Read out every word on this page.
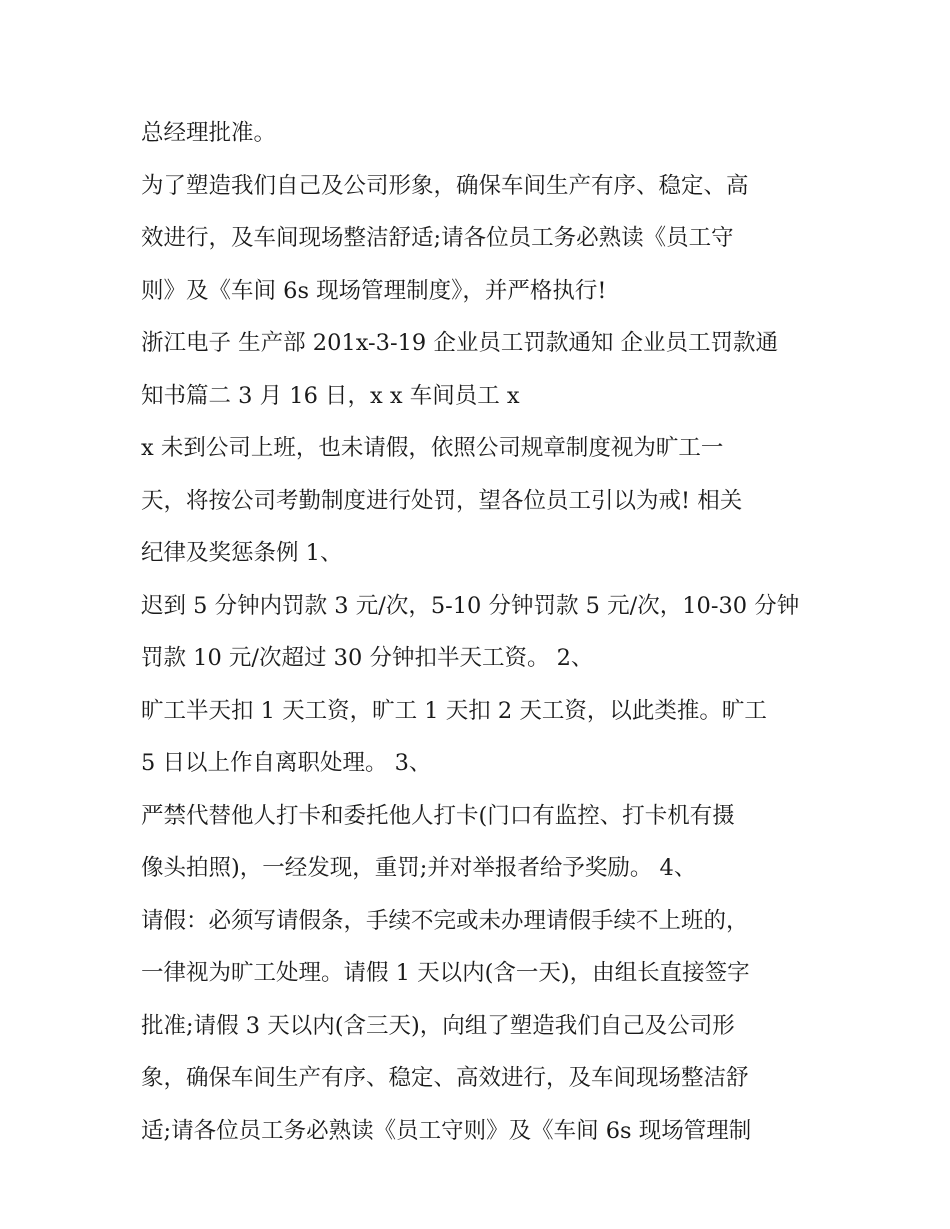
总经理批准。
为了塑造我们自己及公司形象，确保车间生产有序、稳定、高
效进行，及车间现场整洁舒适;请各位员工务必熟读《员工守
则》及《车间 6s 现场管理制度》，并严格执行!
浙江电子 生产部 201x-3-19 企业员工罚款通知 企业员工罚款通
知书篇二 3 月 16 日，x x 车间员工 x
x 未到公司上班，也未请假，依照公司规章制度视为旷工一
天，将按公司考勤制度进行处罚，望各位员工引以为戒! 相关
纪律及奖惩条例 1、
迟到 5 分钟内罚款 3 元/次，5-10 分钟罚款 5 元/次，10-30 分钟
罚款 10 元/次超过 30 分钟扣半天工资。 2、
旷工半天扣 1 天工资，旷工 1 天扣 2 天工资，以此类推。旷工
5 日以上作自离职处理。 3、
严禁代替他人打卡和委托他人打卡(门口有监控、打卡机有摄
像头拍照)，一经发现，重罚;并对举报者给予奖励。 4、
请假：必须写请假条，手续不完或未办理请假手续不上班的，
一律视为旷工处理。请假 1 天以内(含一天)，由组长直接签字
批准;请假 3 天以内(含三天)，向组了塑造我们自己及公司形
象，确保车间生产有序、稳定、高效进行，及车间现场整洁舒
适;请各位员工务必熟读《员工守则》及《车间 6s 现场管理制
